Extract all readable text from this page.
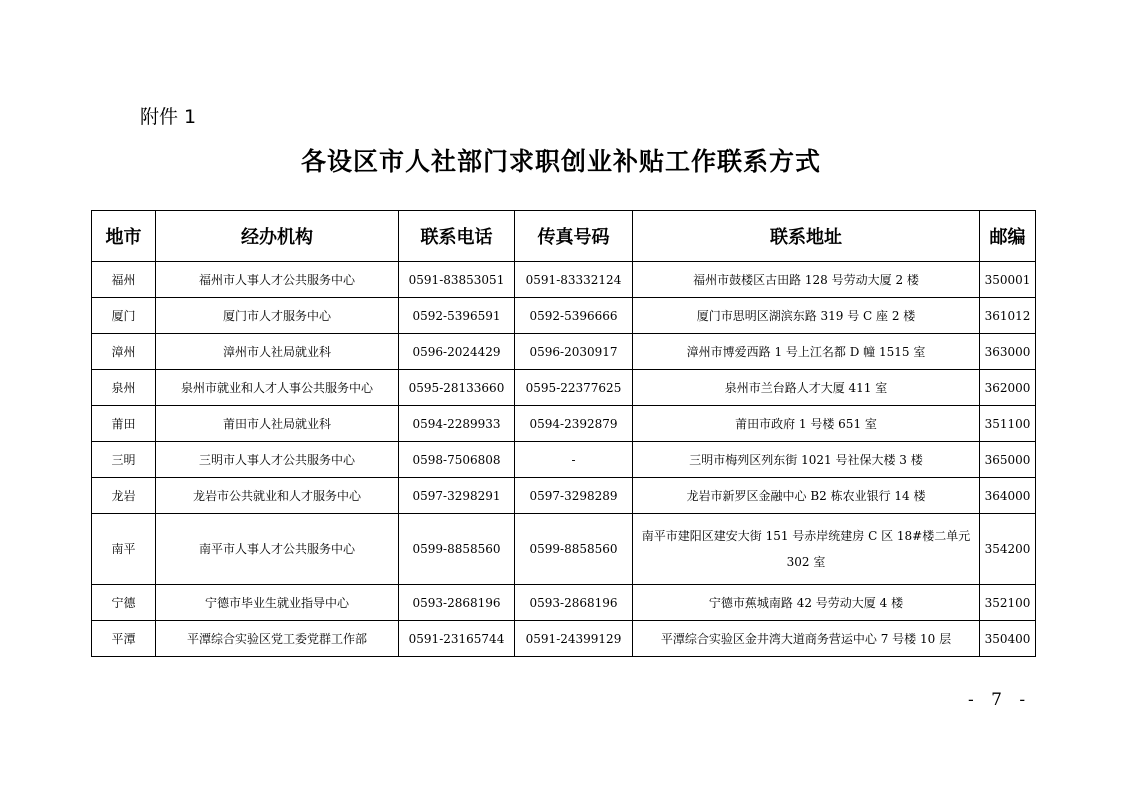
附件 1
各设区市人社部门求职创业补贴工作联系方式
地市	经办机构	联系电话	传真号码	联系地址	邮编
福州	福州市人事人才公共服务中心	0591-83853051	0591-83332124	福州市鼓楼区古田路 128 号劳动大厦 2 楼	350001
厦门	厦门市人才服务中心	0592-5396591	0592-5396666	厦门市思明区湖滨东路 319 号 C 座 2 楼	361012
漳州	漳州市人社局就业科	0596-2024429	0596-2030917	漳州市博爱西路 1 号上江名都 D 幢 1515 室	363000
泉州	泉州市就业和人才人事公共服务中心	0595-28133660	0595-22377625	泉州市兰台路人才大厦 411 室	362000
莆田	莆田市人社局就业科	0594-2289933	0594-2392879	莆田市政府 1 号楼 651 室	351100
三明	三明市人事人才公共服务中心	0598-7506808	-	三明市梅列区列东街 1021 号社保大楼 3 楼	365000
龙岩	龙岩市公共就业和人才服务中心	0597-3298291	0597-3298289	龙岩市新罗区金融中心 B2 栋农业银行 14 楼	364000
南平	南平市人事人才公共服务中心	0599-8858560	0599-8858560	南平市建阳区建安大街 151 号赤岸统建房 C 区 18#楼二单元 302 室	354200
宁德	宁德市毕业生就业指导中心	0593-2868196	0593-2868196	宁德市蕉城南路 42 号劳动大厦 4 楼	352100
平潭	平潭综合实验区党工委党群工作部	0591-23165744	0591-24399129	平潭综合实验区金井湾大道商务营运中心 7 号楼 10 层	350400
- 7 -
